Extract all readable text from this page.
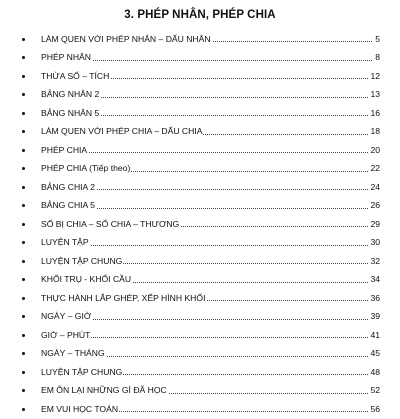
3. PHÉP NHÂN, PHÉP CHIA
LÀM QUEN VỚI PHÉP NHÂN – DẤU NHÂN	5
PHÉP NHÂN	8
THỪA SỐ – TÍCH	12
BẢNG NHÂN 2	13
BẢNG NHÂN 5	16
LÀM QUEN VỚI PHÉP CHIA – DẤU CHIA	18
PHÉP CHIA	20
PHÉP CHIA (Tiếp theo)	22
BẢNG CHIA 2	24
BẢNG CHIA 5	26
SỐ BỊ CHIA – SỐ CHIA – THƯƠNG	29
LUYỆN TẬP	30
LUYỆN TẬP CHUNG	32
KHỐI TRỤ - KHỐI CẦU	34
THỰC HÀNH LẮP GHÉP, XẾP HÌNH KHỐI	36
NGÀY – GIỜ	39
GIỜ – PHÚT	41
NGÀY – THÁNG	45
LUYỆN TẬP CHUNG	48
EM ÔN LẠI NHỮNG GÌ ĐÃ HỌC	52
EM VUI HỌC TOÁN	56
